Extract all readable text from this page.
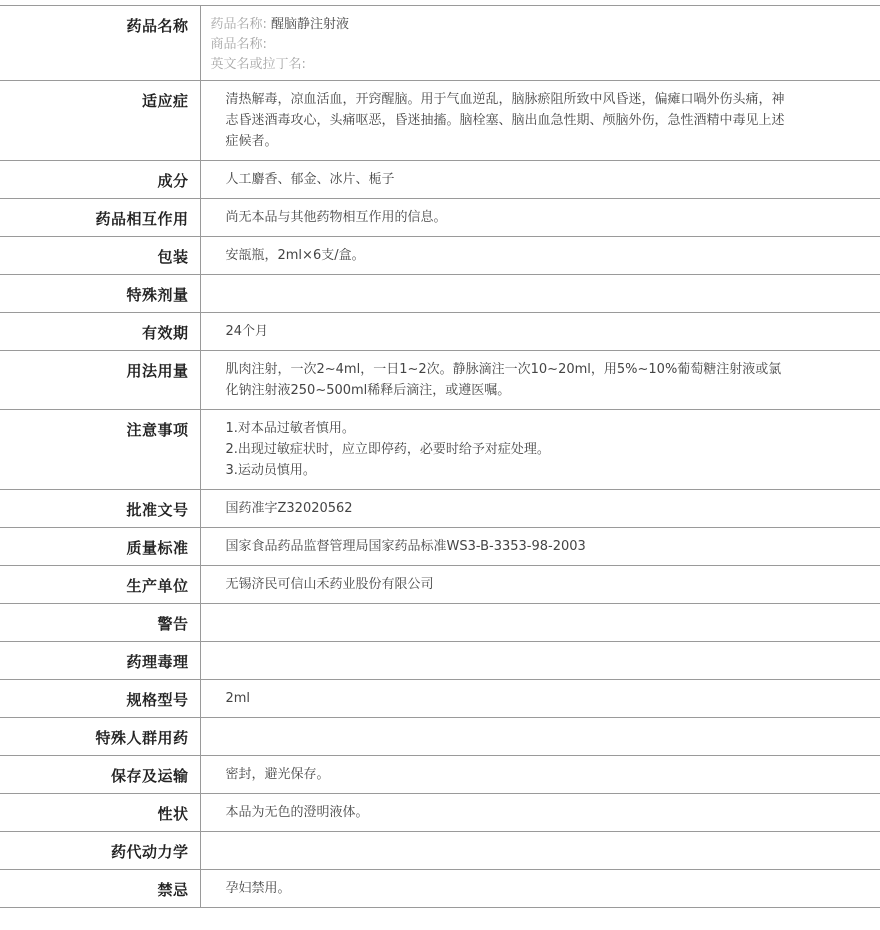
药品名称	药品名称: 醒脑静注射液
商品名称:
英文名或拉丁名:

适应症	清热解毒，凉血活血，开窍醒脑。用于气血逆乱，脑脉瘀阻所致中风昏迷，偏瘫口喎外伤头痛，神志昏迷酒毒攻心，头痛呕恶，昏迷抽搐。脑栓塞、脑出血急性期、颅脑外伤，急性酒精中毒见上述症候者。
成分	人工麝香、郁金、冰片、栀子
药品相互作用	尚无本品与其他药物相互作用的信息。
包装	安瓿瓶，2ml×6支/盒。
特殊剂量	
有效期	24个月
用法用量	肌肉注射，一次2~4ml，一日1~2次。静脉滴注一次10~20ml，用5%~10%葡萄糖注射液或氯化钠注射液250~500ml稀释后滴注，或遵医嘱。
注意事项	1.对本品过敏者慎用。
2.出现过敏症状时，应立即停药，必要时给予对症处理。
3.运动员慎用。

批准文号	国药准字Z32020562
质量标准	国家食品药品监督管理局国家药品标准WS3-B-3353-98-2003
生产单位	无锡济民可信山禾药业股份有限公司
警告	
药理毒理	
规格型号	2ml
特殊人群用药	
保存及运输	密封，避光保存。
性状	本品为无色的澄明液体。
药代动力学	
禁忌	孕妇禁用。
